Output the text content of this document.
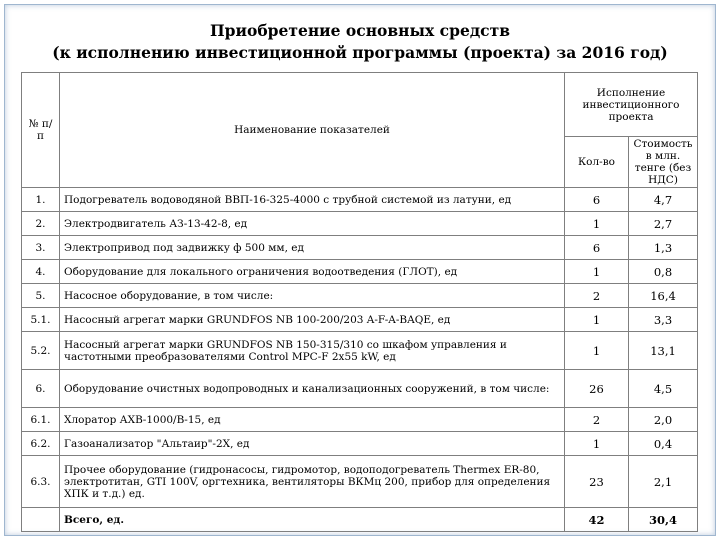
Приобретение основных средств
(к исполнению инвестиционной программы (проекта) за 2016 год)
№ п/п	Наименование показателей	Исполнение инвестиционного проекта	
		Кол-во	Стоимость в млн. тенге (без НДС)
1.	Подогреватель водоводяной ВВП-16-325-4000 с трубной системой из латуни, ед	6	4,7
2.	Электродвигатель АЗ-13-42-8, ед	1	2,7
3.	Электропривод под задвижку ф 500 мм, ед	6	1,3
4.	Оборудование для локального ограничения водоотведения (ГЛОТ), ед	1	0,8
5.	Насосное оборудование, в том числе:	2	16,4
5.1.	Насосный агрегат марки GRUNDFOS NB 100-200/203 A-F-A-BAQE, ед	1	3,3
5.2.	Насосный агрегат марки GRUNDFOS NB 150-315/310 со шкафом управления и частотными преобразователями Control MPC-F 2x55 kW, ед	1	13,1
6.	Оборудование очистных водопроводных и канализационных сооружений, в том числе:	26	4,5
6.1.	Хлоратор АХВ-1000/В-15, ед	2	2,0
6.2.	Газоанализатор "Альтаир"-2Х, ед	1	0,4
6.3.	Прочее оборудование (гидронасосы, гидромотор, водоподогреватель Thermex ER-80, электротитан, GTI 100V, оргтехника, вентиляторы ВКМц 200, прибор для определения ХПК и т.д.) ед.	23	2,1
	Всего, ед.	42	30,4
